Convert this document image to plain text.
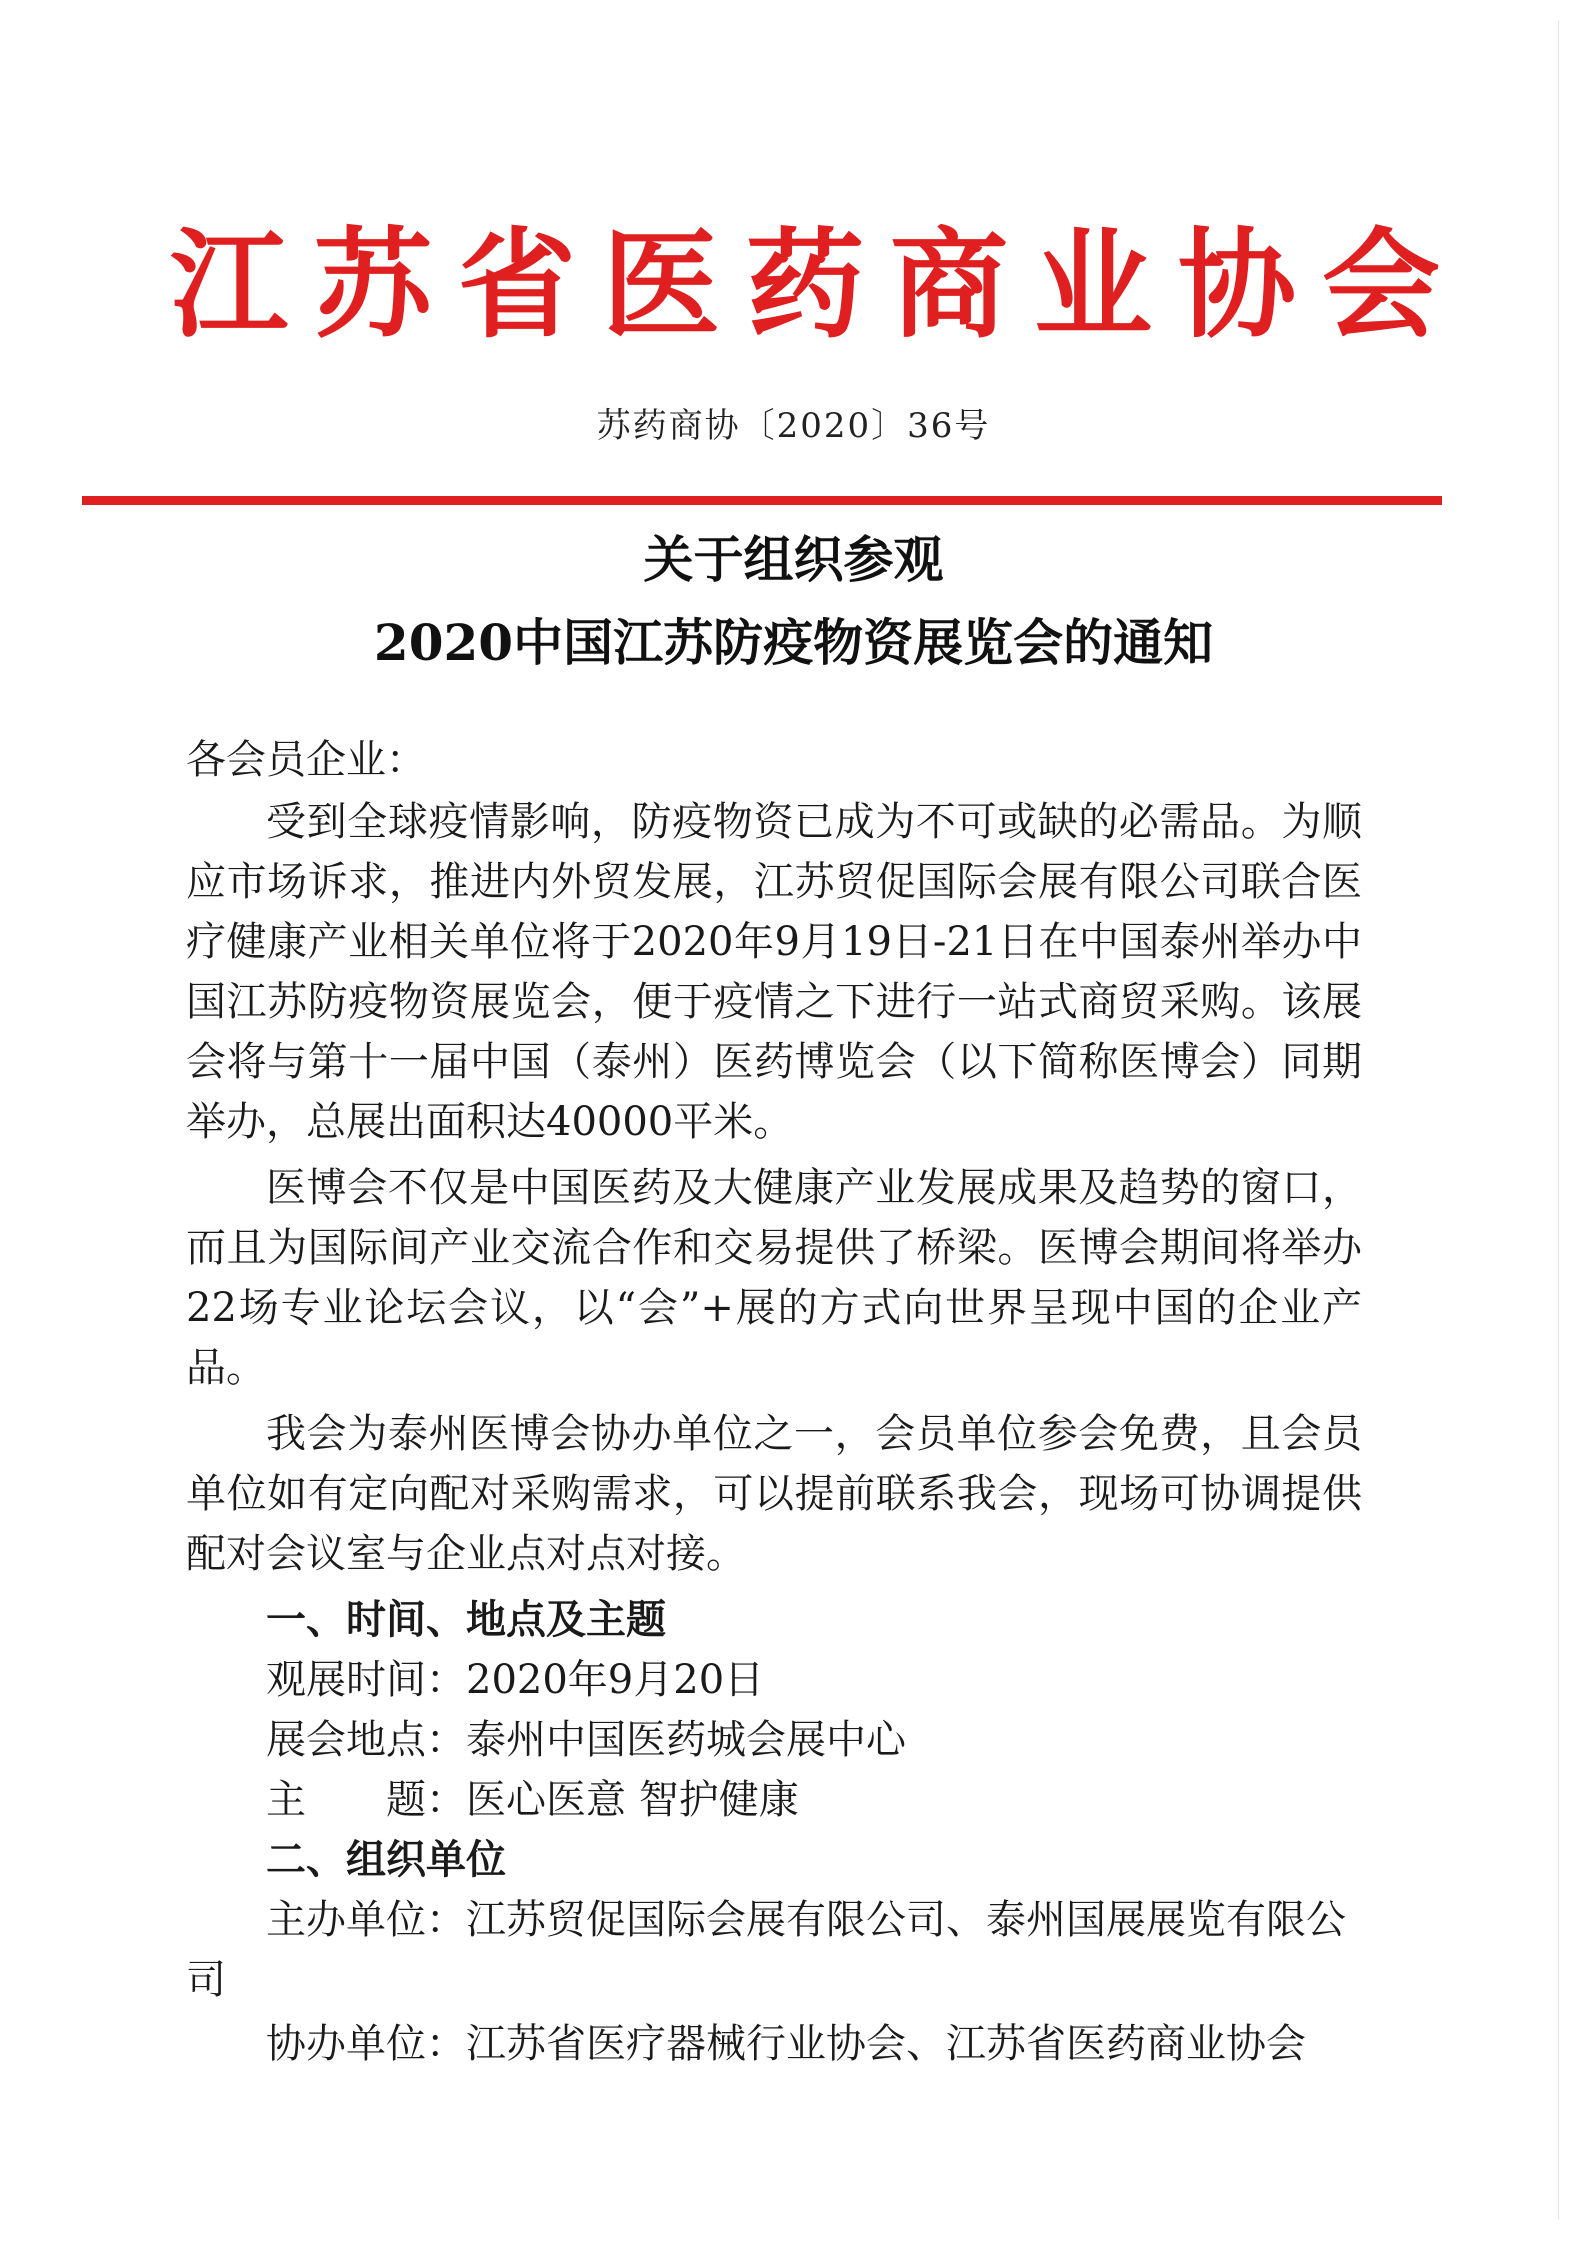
江苏省医药商业协会
苏药商协〔2020〕36号
关于组织参观
2020中国江苏防疫物资展览会的通知

各会员企业：

受到全球疫情影响，防疫物资已成为不可或缺的必需品。为顺应市场诉求，推进内外贸发展，江苏贸促国际会展有限公司联合医疗健康产业相关单位将于2020年9月19日-21日在中国泰州举办中国江苏防疫物资展览会，便于疫情之下进行一站式商贸采购。该展会将与第十一届中国（泰州）医药博览会（以下简称医博会）同期举办，总展出面积达40000平米。

医博会不仅是中国医药及大健康产业发展成果及趋势的窗口，而且为国际间产业交流合作和交易提供了桥梁。医博会期间将举办22场专业论坛会议，以“会”+展的方式向世界呈现中国的企业产品。

我会为泰州医博会协办单位之一，会员单位参会免费，且会员单位如有定向配对采购需求，可以提前联系我会，现场可协调提供配对会议室与企业点对点对接。

一、时间、地点及主题

观展时间：2020年9月20日

展会地点：泰州中国医药城会展中心

主　　题：医心医意 智护健康

二、组织单位

主办单位：江苏贸促国际会展有限公司、泰州国展展览有限公司

协办单位：江苏省医疗器械行业协会、江苏省医药商业协会
